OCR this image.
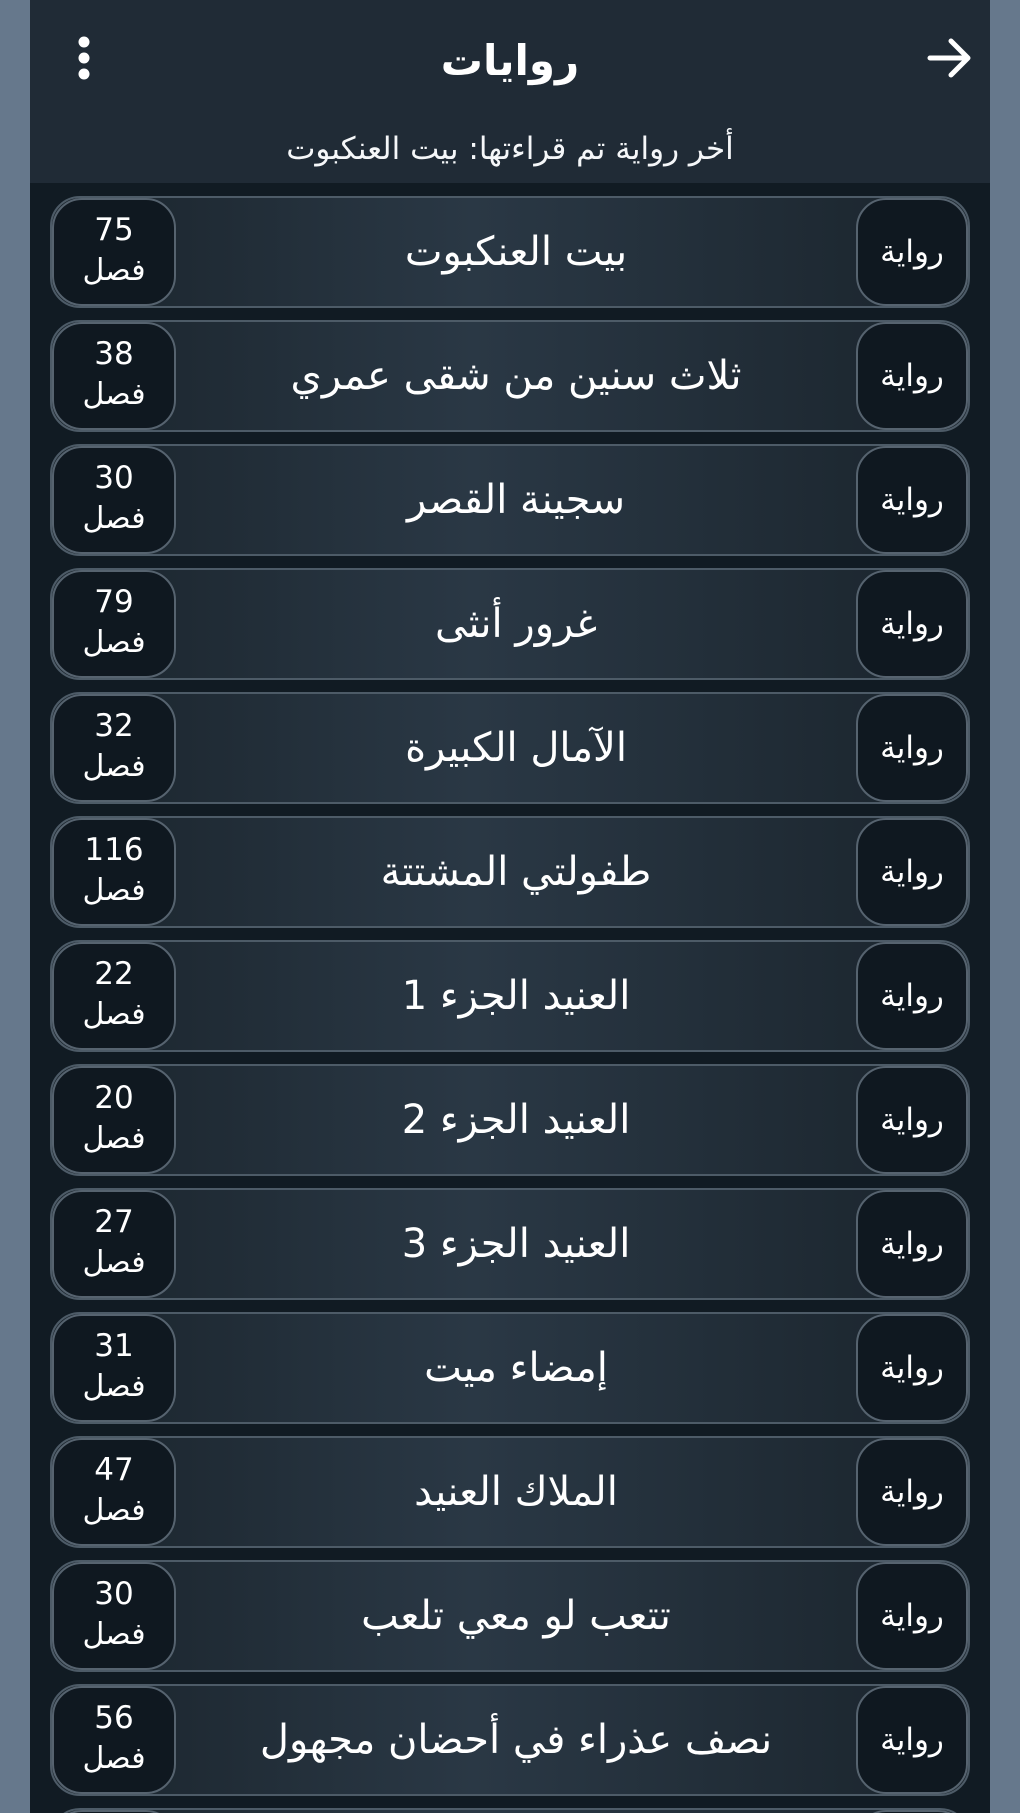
روايات
أخر رواية تم قراءتها: بيت العنكبوت
75
فصل	بيت العنكبوت	رواية
38
فصل	ثلاث سنين من شقى عمري	رواية
30
فصل	سجينة القصر	رواية
79
فصل	غرور أنثى	رواية
32
فصل	الآمال الكبيرة	رواية
116
فصل	طفولتي المشتتة	رواية
22
فصل	العنيد الجزء 1	رواية
20
فصل	العنيد الجزء 2	رواية
27
فصل	العنيد الجزء 3	رواية
31
فصل	إمضاء ميت	رواية
47
فصل	الملاك العنيد	رواية
30
فصل	تتعب لو معي تلعب	رواية
56
فصل	نصف عذراء في أحضان مجهول	رواية
